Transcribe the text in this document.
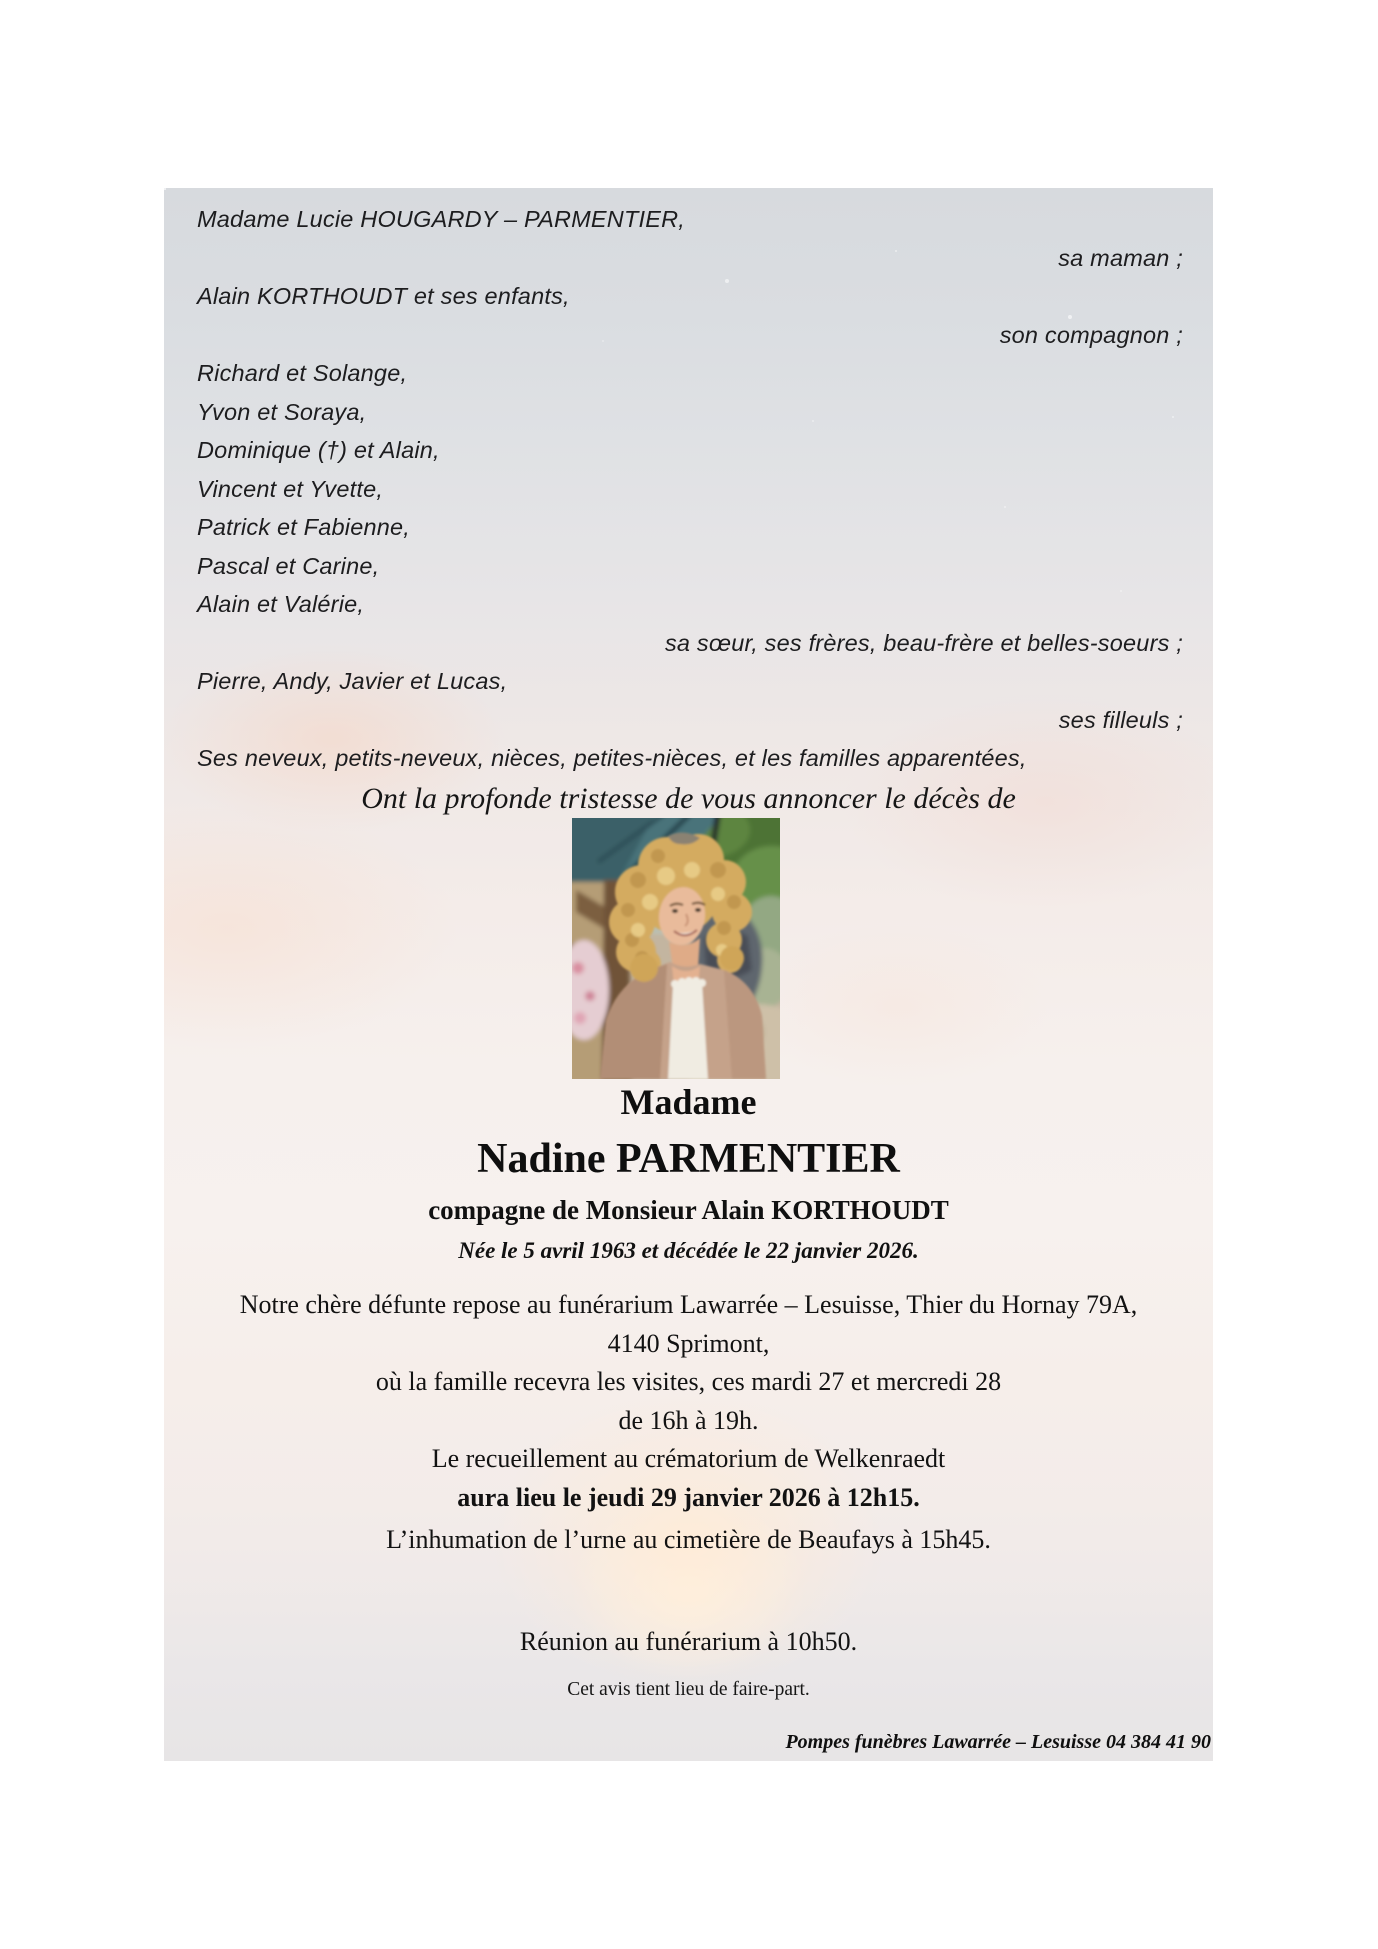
Madame Lucie HOUGARDY – PARMENTIER,
sa maman ;
Alain KORTHOUDT et ses enfants,
son compagnon ;
Richard et Solange,
Yvon et Soraya,
Dominique (†) et Alain,
Vincent et Yvette,
Patrick et Fabienne,
Pascal et Carine,
Alain et Valérie,
sa sœur, ses frères, beau-frère et belles-soeurs ;
Pierre, Andy, Javier et Lucas,
ses filleuls ;
Ses neveux, petits-neveux, nièces, petites-nièces, et les familles apparentées,
Ont la profonde tristesse de vous annoncer le décès de
Madame
Nadine PARMENTIER
compagne de Monsieur Alain KORTHOUDT
Née le 5 avril 1963 et décédée le 22 janvier 2026.
Notre chère défunte repose au funérarium Lawarrée – Lesuisse, Thier du Hornay 79A,
4140 Sprimont,
où la famille recevra les visites, ces mardi 27 et mercredi 28
de 16h à 19h.
Le recueillement au crématorium de Welkenraedt
aura lieu le jeudi 29 janvier 2026 à 12h15.
L’inhumation de l’urne au cimetière de Beaufays à 15h45.
Réunion au funérarium à 10h50.
Cet avis tient lieu de faire-part.
Pompes funèbres Lawarrée – Lesuisse 04 384 41 90
